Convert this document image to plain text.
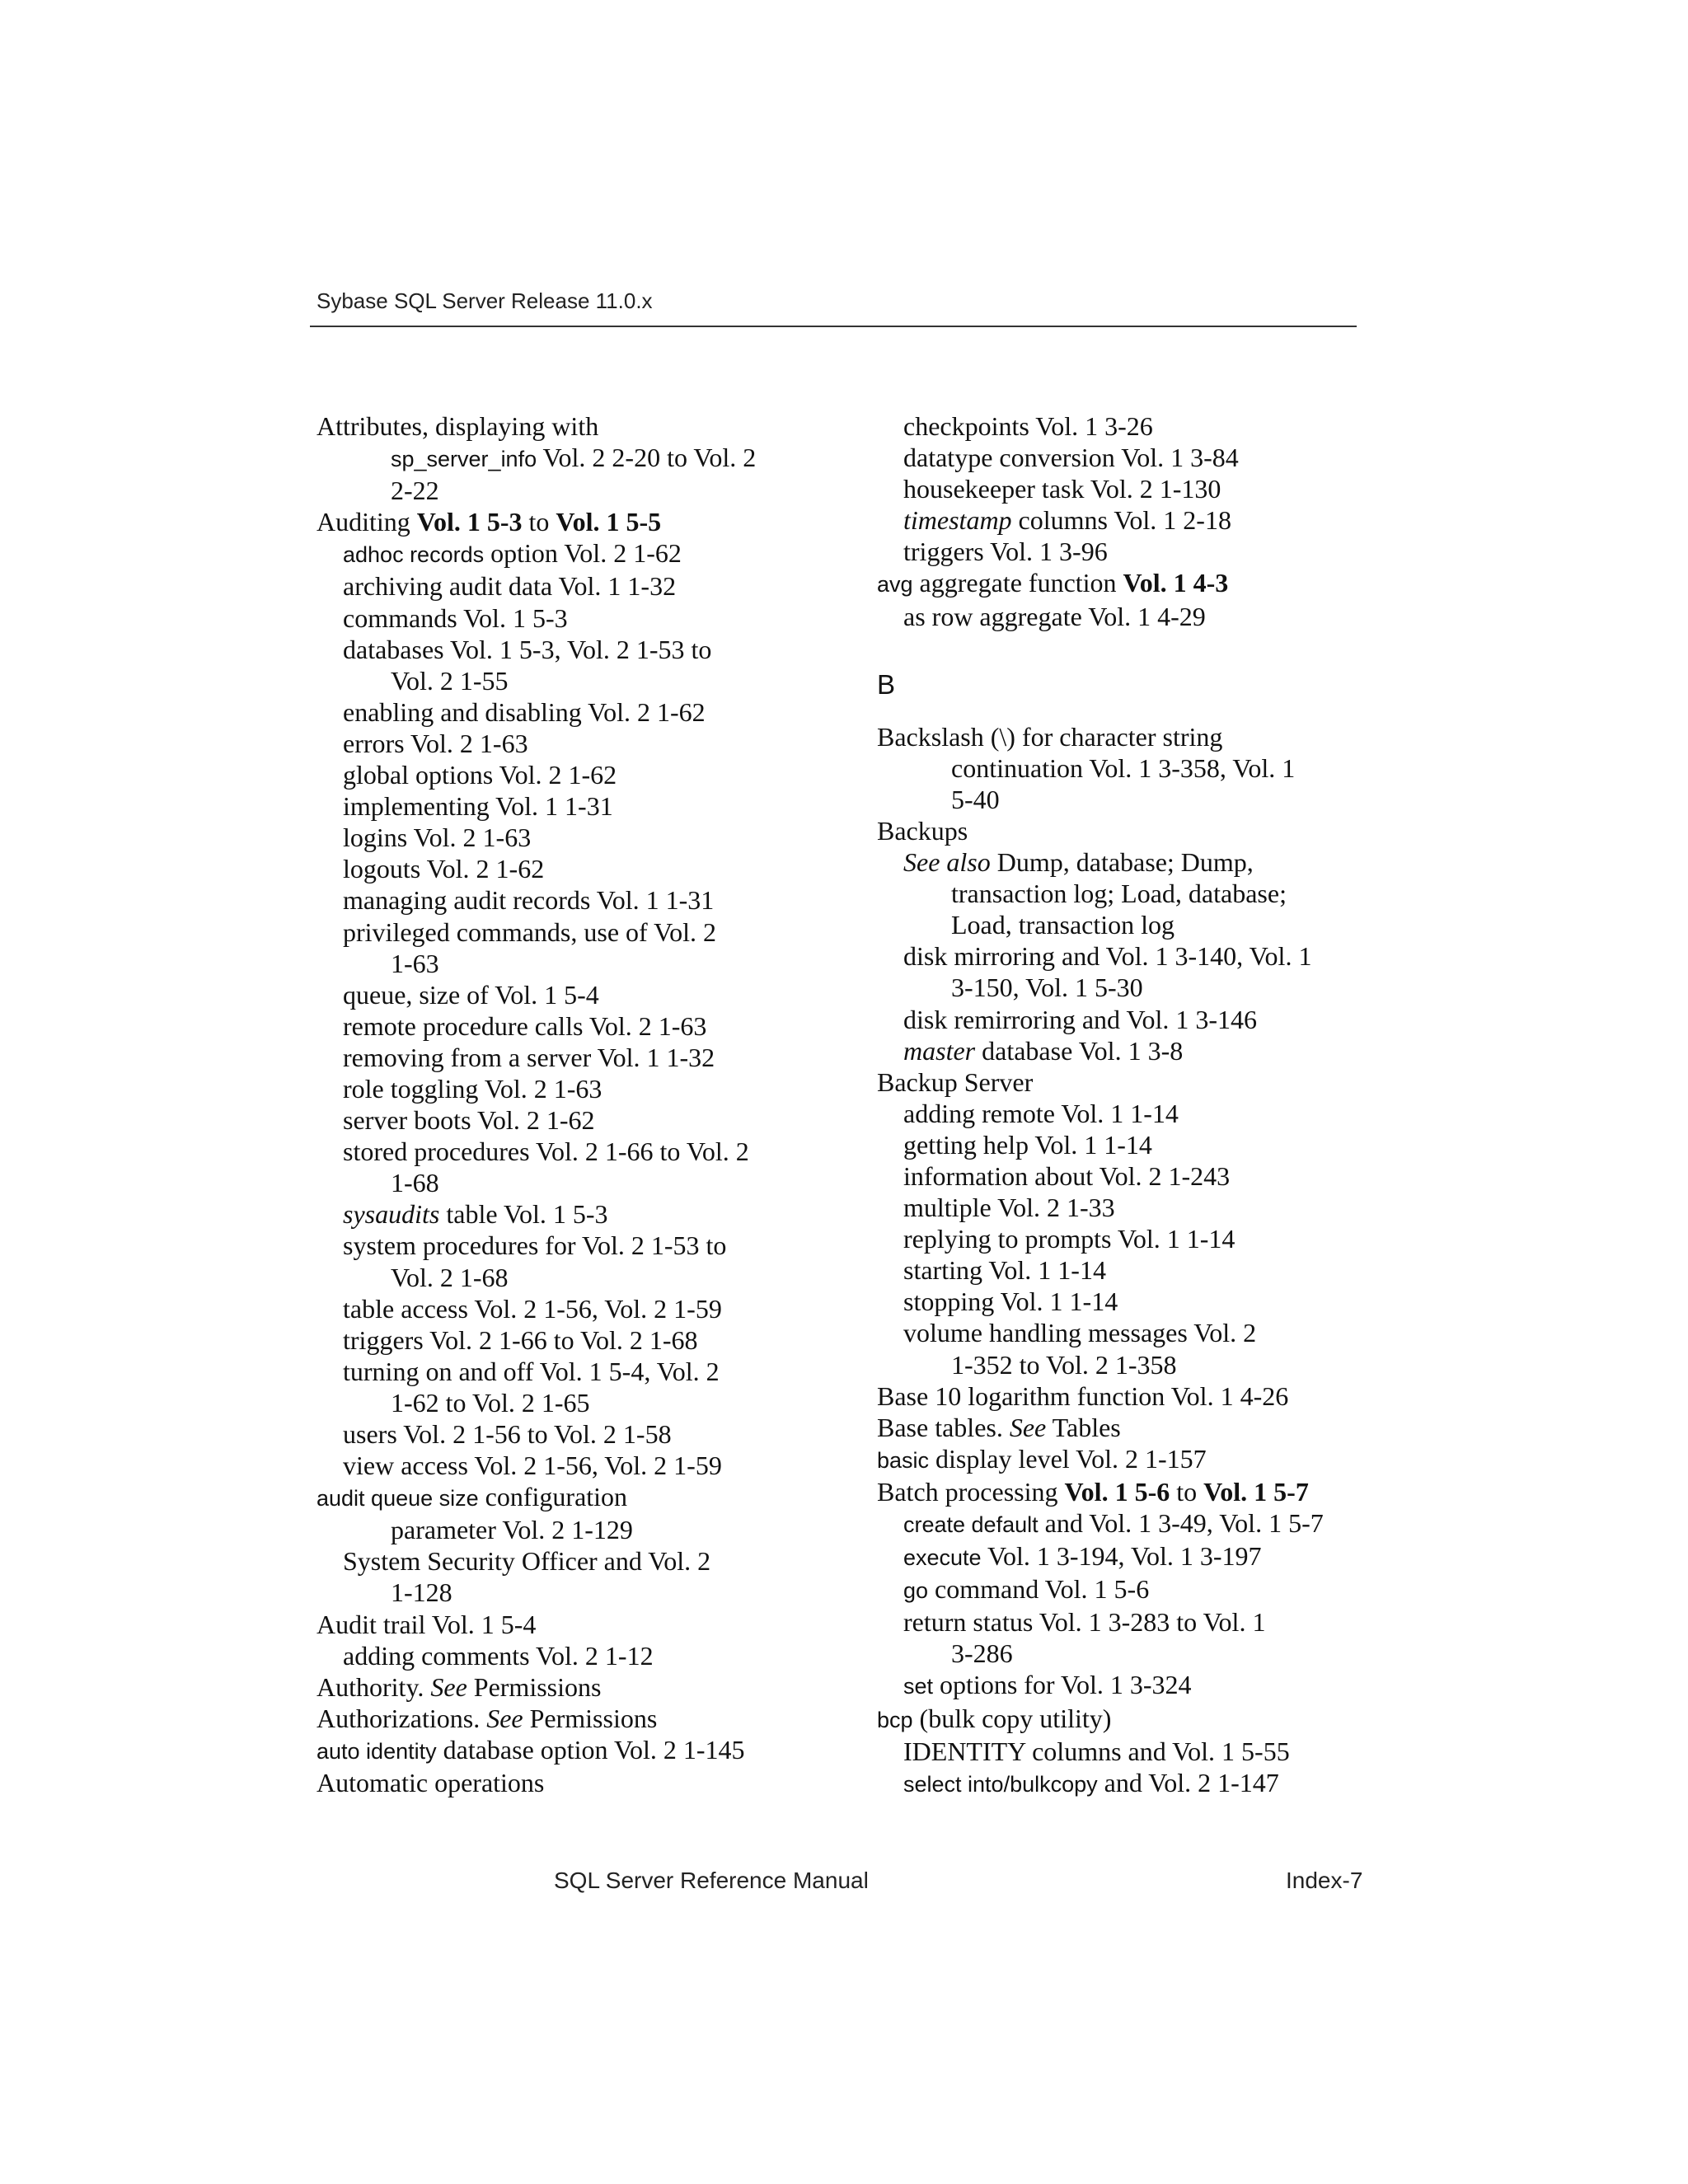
Sybase SQL Server Release 11.0.x
Attributes, displaying with
sp_server_info Vol. 2 2-20 to Vol. 2
2-22
Auditing Vol. 1 5-3 to Vol. 1 5-5
adhoc records option Vol. 2 1-62
archiving audit data Vol. 1 1-32
commands Vol. 1 5-3
databases Vol. 1 5-3, Vol. 2 1-53 to
Vol. 2 1-55
enabling and disabling Vol. 2 1-62
errors Vol. 2 1-63
global options Vol. 2 1-62
implementing Vol. 1 1-31
logins Vol. 2 1-63
logouts Vol. 2 1-62
managing audit records Vol. 1 1-31
privileged commands, use of Vol. 2
1-63
queue, size of Vol. 1 5-4
remote procedure calls Vol. 2 1-63
removing from a server Vol. 1 1-32
role toggling Vol. 2 1-63
server boots Vol. 2 1-62
stored procedures Vol. 2 1-66 to Vol. 2
1-68
sysaudits table Vol. 1 5-3
system procedures for Vol. 2 1-53 to
Vol. 2 1-68
table access Vol. 2 1-56, Vol. 2 1-59
triggers Vol. 2 1-66 to Vol. 2 1-68
turning on and off Vol. 1 5-4, Vol. 2
1-62 to Vol. 2 1-65
users Vol. 2 1-56 to Vol. 2 1-58
view access Vol. 2 1-56, Vol. 2 1-59
audit queue size configuration
parameter Vol. 2 1-129
System Security Officer and Vol. 2
1-128
Audit trail Vol. 1 5-4
adding comments Vol. 2 1-12
Authority. See Permissions
Authorizations. See Permissions
auto identity database option Vol. 2 1-145
Automatic operations
checkpoints Vol. 1 3-26
datatype conversion Vol. 1 3-84
housekeeper task Vol. 2 1-130
timestamp columns Vol. 1 2-18
triggers Vol. 1 3-96
avg aggregate function Vol. 1 4-3
as row aggregate Vol. 1 4-29
B
Backslash (\) for character string
continuation Vol. 1 3-358, Vol. 1
5-40
Backups
See also Dump, database; Dump,
transaction log; Load, database;
Load, transaction log
disk mirroring and Vol. 1 3-140, Vol. 1
3-150, Vol. 1 5-30
disk remirroring and Vol. 1 3-146
master database Vol. 1 3-8
Backup Server
adding remote Vol. 1 1-14
getting help Vol. 1 1-14
information about Vol. 2 1-243
multiple Vol. 2 1-33
replying to prompts Vol. 1 1-14
starting Vol. 1 1-14
stopping Vol. 1 1-14
volume handling messages Vol. 2
1-352 to Vol. 2 1-358
Base 10 logarithm function Vol. 1 4-26
Base tables. See Tables
basic display level Vol. 2 1-157
Batch processing Vol. 1 5-6 to Vol. 1 5-7
create default and Vol. 1 3-49, Vol. 1 5-7
execute Vol. 1 3-194, Vol. 1 3-197
go command Vol. 1 5-6
return status Vol. 1 3-283 to Vol. 1
3-286
set options for Vol. 1 3-324
bcp (bulk copy utility)
IDENTITY columns and Vol. 1 5-55
select into/bulkcopy and Vol. 2 1-147
SQL Server Reference Manual	Index-7
